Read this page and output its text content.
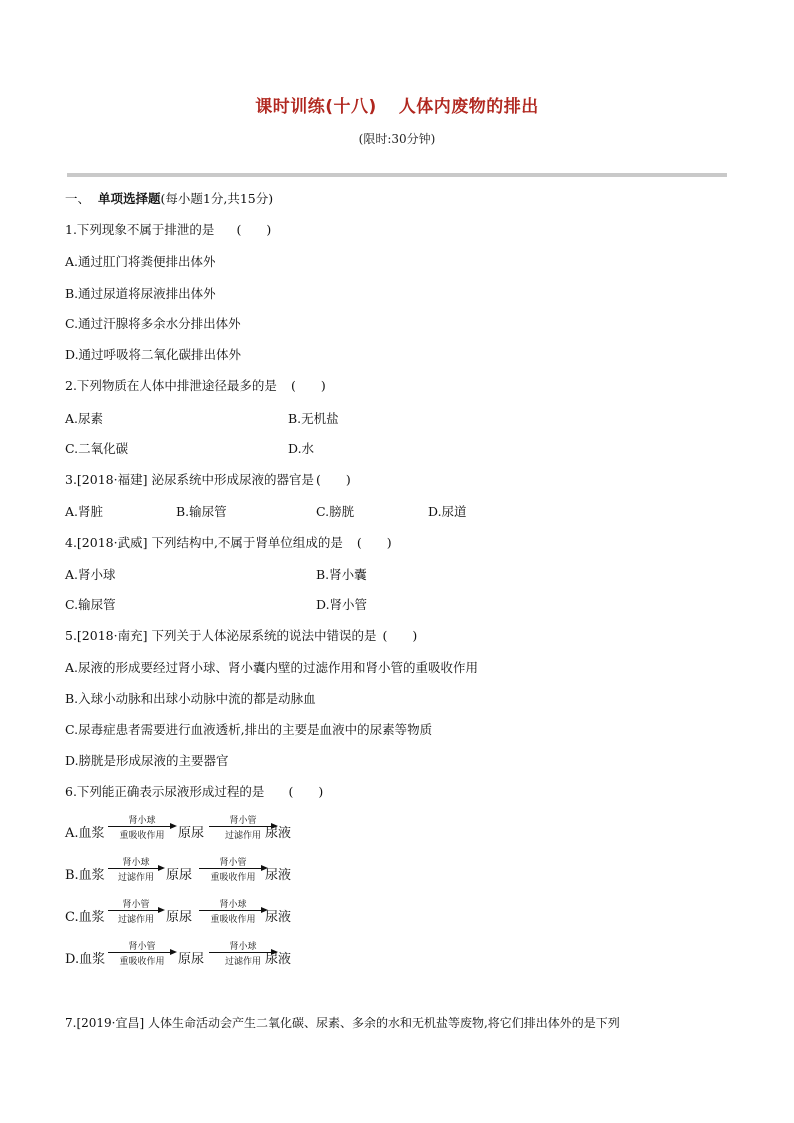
课时训练(十八) 人体内废物的排出
(限时:30分钟)
一、 单项选择题(每小题1分,共15分)
1.下列现象不属于排泄的是 (　　)
A.通过肛门将粪便排出体外
B.通过尿道将尿液排出体外
C.通过汗腺将多余水分排出体外
D.通过呼吸将二氧化碳排出体外
2.下列物质在人体中排泄途径最多的是 (　　)
A.尿素	B.无机盐
C.二氧化碳	D.水
3.[2018·福建] 泌尿系统中形成尿液的器官是 (　　)
A.肾脏	B.输尿管	C.膀胱	D.尿道
4.[2018·武威] 下列结构中,不属于肾单位组成的是 (　　)
A.肾小球	B.肾小囊
C.输尿管	D.肾小管
5.[2018·南充] 下列关于人体泌尿系统的说法中错误的是 (　　)
A.尿液的形成要经过肾小球、肾小囊内壁的过滤作用和肾小管的重吸收作用
B.入球小动脉和出球小动脉中流的都是动脉血
C.尿毒症患者需要进行血液透析,排出的主要是血液中的尿素等物质
D.膀胱是形成尿液的主要器官
6.下列能正确表示尿液形成过程的是 (　　)
A.血浆
肾小球
重吸收作用	原尿
肾小管
过滤作用 尿液
B.血浆
肾小球
过滤作用 原尿
肾小管
重吸收作用 尿液
C.血浆
肾小管
过滤作用 原尿
肾小球
重吸收作用 尿液
D.血浆
肾小管
重吸收作用	原尿
肾小球
过滤作用 尿液
7.[2019·宜昌] 人体生命活动会产生二氧化碳、尿素、多余的水和无机盐等废物,将它们排出体外的是下列
